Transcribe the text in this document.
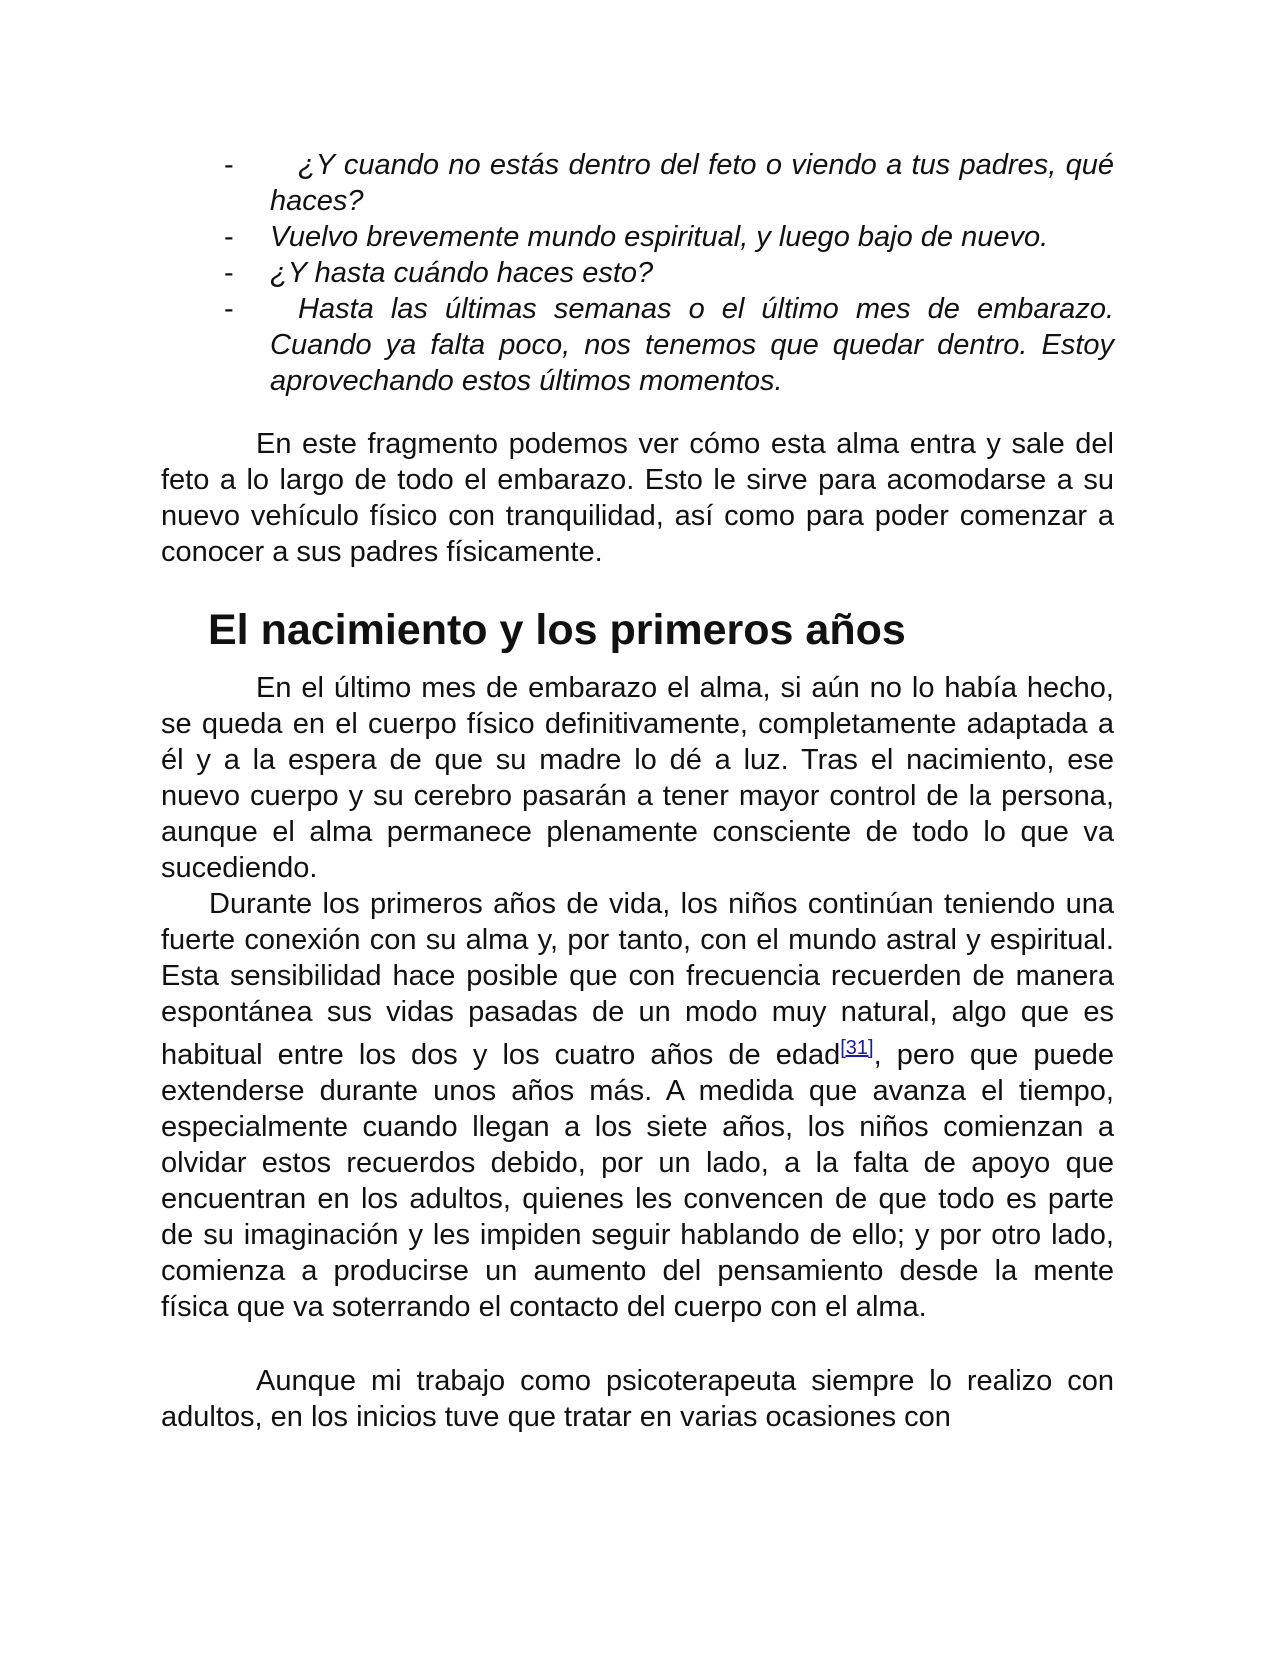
-	¿Y cuando no estás dentro del feto o viendo a tus padres, qué haces?
- Vuelvo brevemente mundo espiritual, y luego bajo de nuevo.
- ¿Y hasta cuándo haces esto?
-	Hasta las últimas semanas o el último mes de embarazo. Cuando ya falta poco, nos tenemos que quedar dentro. Estoy aprovechando estos últimos momentos.

En este fragmento podemos ver cómo esta alma entra y sale del feto a lo largo de todo el embarazo. Esto le sirve para acomodarse a su nuevo vehículo físico con tranquilidad, así como para poder comenzar a conocer a sus padres físicamente.

El nacimiento y los primeros años

En el último mes de embarazo el alma, si aún no lo había hecho, se queda en el cuerpo físico definitivamente, completamente adaptada a él y a la espera de que su madre lo dé a luz. Tras el nacimiento, ese nuevo cuerpo y su cerebro pasarán a tener mayor control de la persona, aunque el alma permanece plenamente consciente de todo lo que va sucediendo.

Durante los primeros años de vida, los niños continúan teniendo una fuerte conexión con su alma y, por tanto, con el mundo astral y espiritual. Esta sensibilidad hace posible que con frecuencia recuerden de manera espontánea sus vidas pasadas de un modo muy natural, algo que es habitual entre los dos y los cuatro años de edad[31], pero que puede extenderse durante unos años más. A medida que avanza el tiempo, especialmente cuando llegan a los siete años, los niños comienzan a olvidar estos recuerdos debido, por un lado, a la falta de apoyo que encuentran en los adultos, quienes les convencen de que todo es parte de su imaginación y les impiden seguir hablando de ello; y por otro lado, comienza a producirse un aumento del pensamiento desde la mente física que va soterrando el contacto del cuerpo con el alma.

Aunque mi trabajo como psicoterapeuta siempre lo realizo con adultos, en los inicios tuve que tratar en varias ocasiones con
